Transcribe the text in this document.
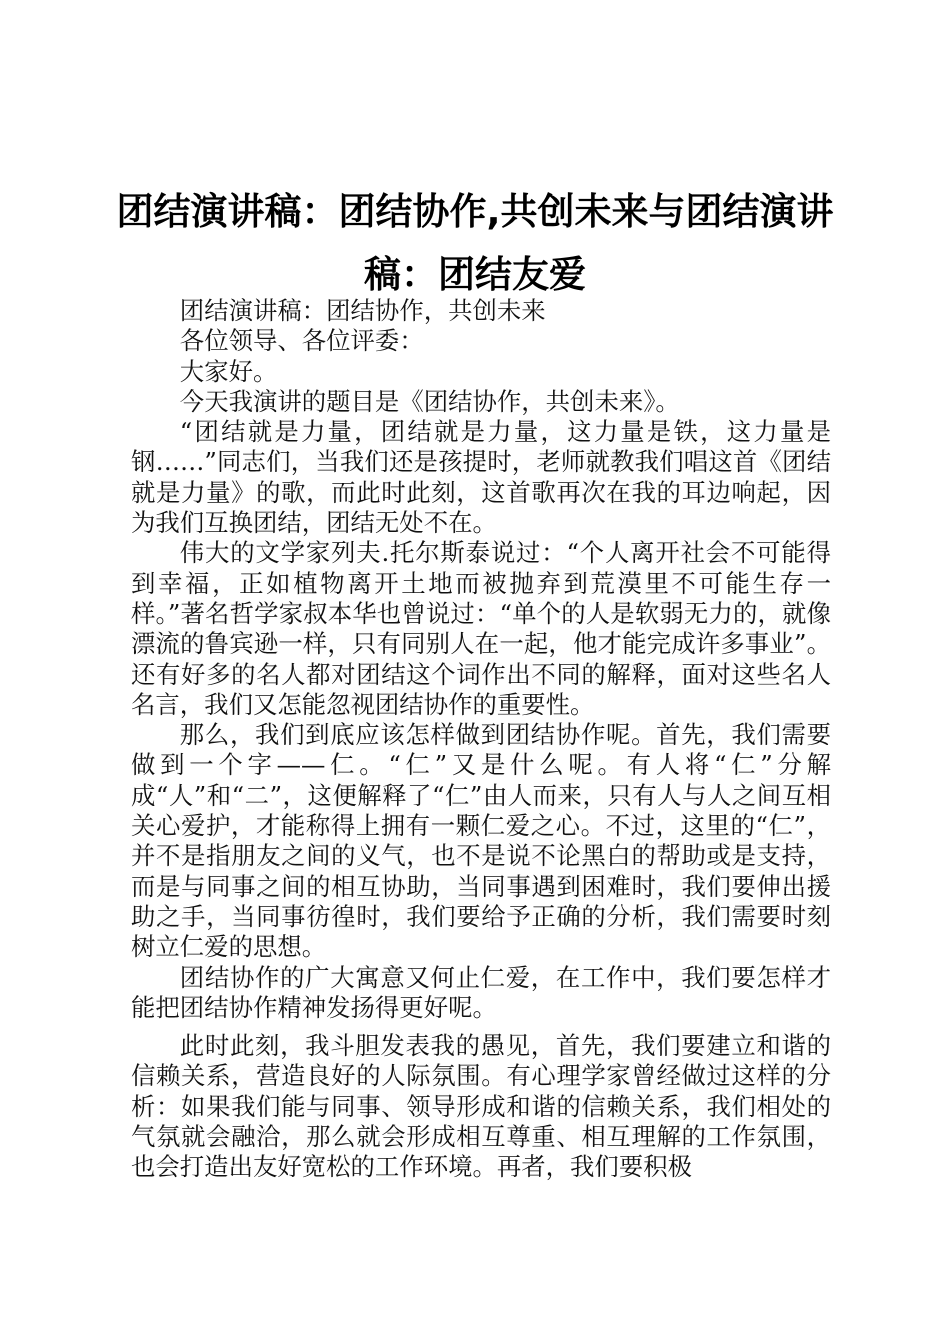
团结演讲稿：团结协作,共创未来与团结演讲稿：团结友爱

团结演讲稿：团结协作，共创未来

各位领导、各位评委：

大家好。

今天我演讲的题目是《团结协作，共创未来》。

“团结就是力量，团结就是力量，这力量是铁，这力量是钢……”同志们，当我们还是孩提时，老师就教我们唱这首《团结就是力量》的歌，而此时此刻，这首歌再次在我的耳边响起，因为我们互换团结，团结无处不在。

伟大的文学家列夫.托尔斯泰说过：“个人离开社会不可能得到幸福，正如植物离开土地而被抛弃到荒漠里不可能生存一样。”著名哲学家叔本华也曾说过：“单个的人是软弱无力的，就像漂流的鲁宾逊一样，只有同别人在一起，他才能完成许多事业”。还有好多的名人都对团结这个词作出不同的解释，面对这些名人名言，我们又怎能忽视团结协作的重要性。

那么，我们到底应该怎样做到团结协作呢。首先，我们需要做到一个字——仁。“仁”又是什么呢。有人将“仁”分解成“人”和“二”，这便解释了“仁”由人而来，只有人与人之间互相关心爱护，才能称得上拥有一颗仁爱之心。不过，这里的“仁”，并不是指朋友之间的义气，也不是说不论黑白的帮助或是支持，而是与同事之间的相互协助，当同事遇到困难时，我们要伸出援助之手，当同事彷徨时，我们要给予正确的分析，我们需要时刻树立仁爱的思想。

团结协作的广大寓意又何止仁爱，在工作中，我们要怎样才能把团结协作精神发扬得更好呢。

此时此刻，我斗胆发表我的愚见，首先，我们要建立和谐的信赖关系，营造良好的人际氛围。有心理学家曾经做过这样的分析：如果我们能与同事、领导形成和谐的信赖关系，我们相处的气氛就会融洽，那么就会形成相互尊重、相互理解的工作氛围，也会打造出友好宽松的工作环境。再者，我们要积极
